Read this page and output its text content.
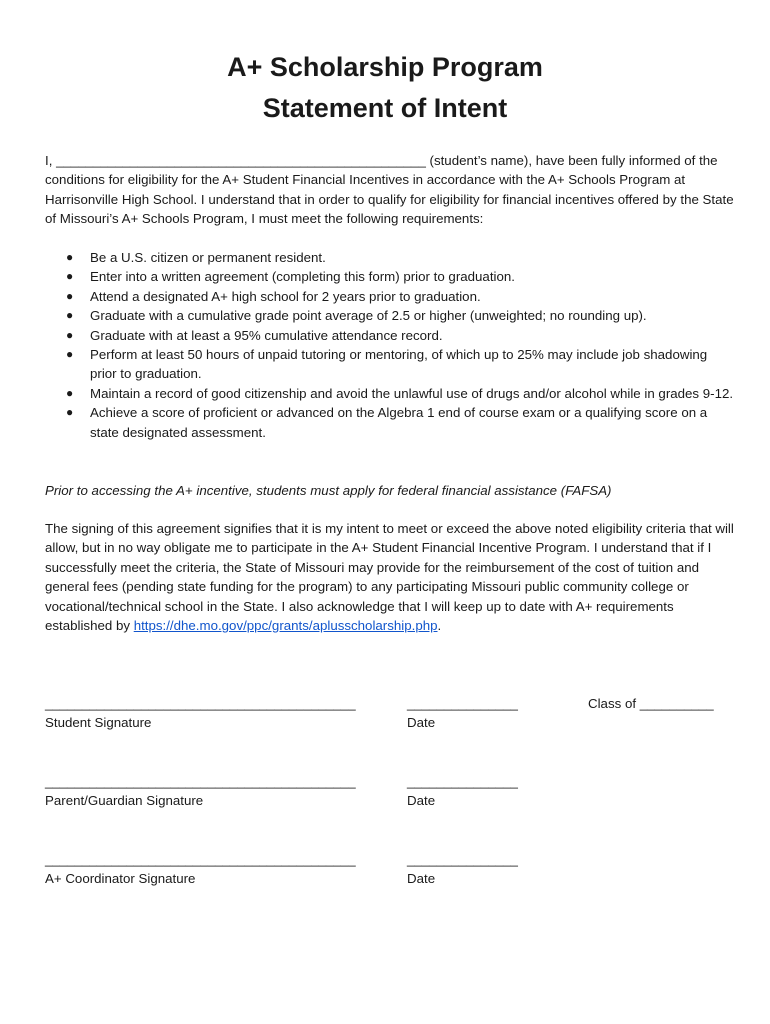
A+ Scholarship Program
Statement of Intent

I, __________________________________________________ (student’s name), have been fully informed of the conditions for eligibility for the A+ Student Financial Incentives in accordance with the A+ Schools Program at Harrisonville High School. I understand that in order to qualify for eligibility for financial incentives offered by the State of Missouri’s A+ Schools Program, I must meet the following requirements:

● Be a U.S. citizen or permanent resident.
● Enter into a written agreement (completing this form) prior to graduation.
● Attend a designated A+ high school for 2 years prior to graduation.
● Graduate with a cumulative grade point average of 2.5 or higher (unweighted; no rounding up).
● Graduate with at least a 95% cumulative attendance record.
● Perform at least 50 hours of unpaid tutoring or mentoring, of which up to 25% may include job shadowing prior to graduation.
● Maintain a record of good citizenship and avoid the unlawful use of drugs and/or alcohol while in grades 9-12.
● Achieve a score of proficient or advanced on the Algebra 1 end of course exam or a qualifying score on a state designated assessment.

Prior to accessing the A+ incentive, students must apply for federal financial assistance (FAFSA)

The signing of this agreement signifies that it is my intent to meet or exceed the above noted eligibility criteria that will allow, but in no way obligate me to participate in the A+ Student Financial Incentive Program. I understand that if I successfully meet the criteria, the State of Missouri may provide for the reimbursement of the cost of tuition and general fees (pending state funding for the program) to any participating Missouri public community college or vocational/technical school in the State. I also acknowledge that I will keep up to date with A+ requirements established by https://dhe.mo.gov/ppc/grants/aplusscholarship.php.

__________________________________________
Student Signature
_______________
Date
Class of __________
__________________________________________
Parent/Guardian Signature
_______________
Date
__________________________________________
A+ Coordinator Signature
_______________
Date
